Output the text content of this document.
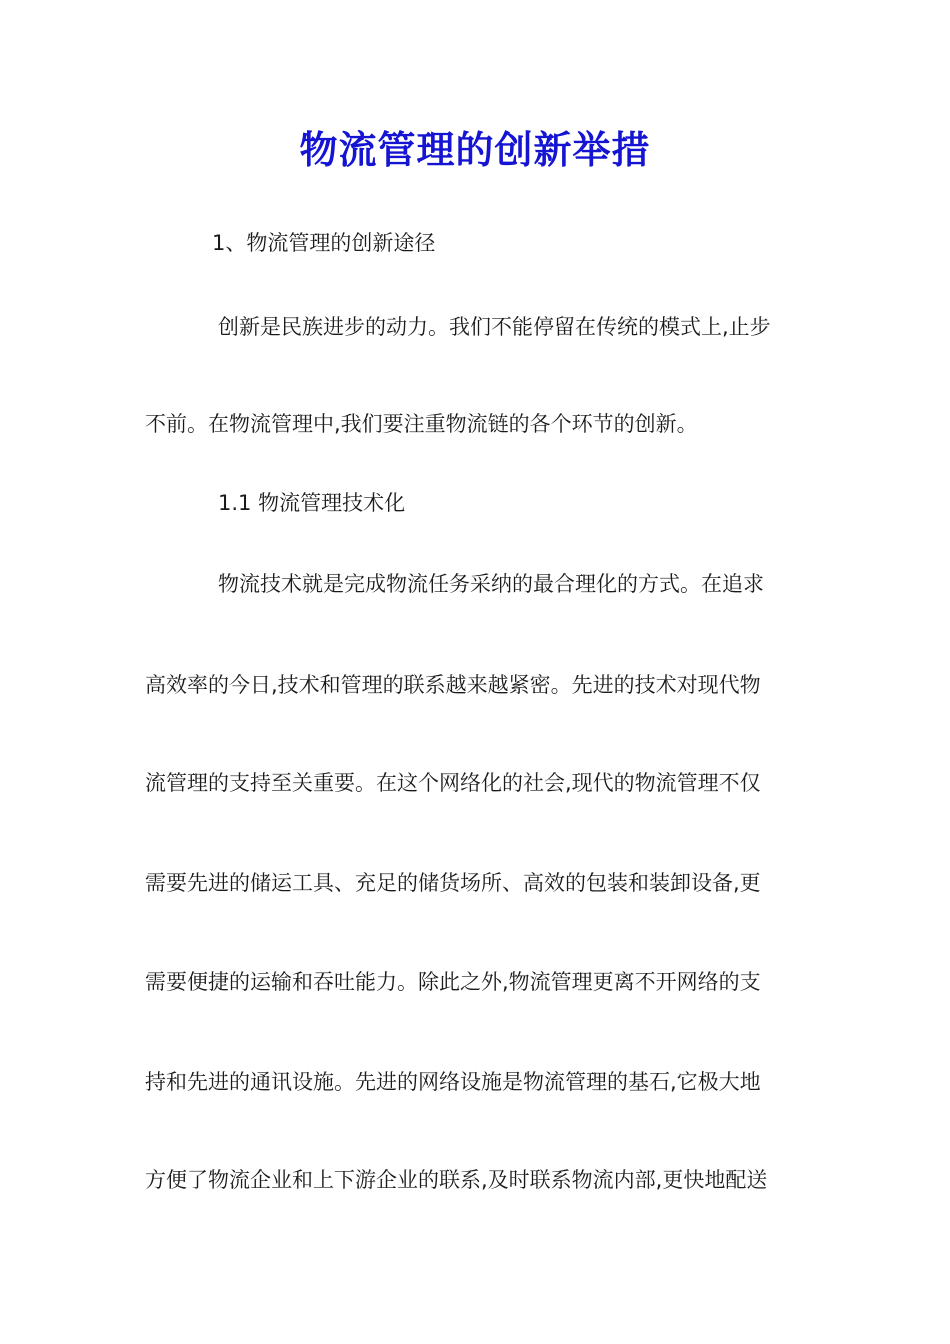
物流管理的创新举措

1、物流管理的创新途径

创新是民族进步的动力。我们不能停留在传统的模式上,止步

不前。在物流管理中,我们要注重物流链的各个环节的创新。

1.1 物流管理技术化

物流技术就是完成物流任务采纳的最合理化的方式。在追求

高效率的今日,技术和管理的联系越来越紧密。先进的技术对现代物

流管理的支持至关重要。在这个网络化的社会,现代的物流管理不仅

需要先进的储运工具、充足的储货场所、高效的包装和装卸设备,更

需要便捷的运输和吞吐能力。除此之外,物流管理更离不开网络的支

持和先进的通讯设施。先进的网络设施是物流管理的基石,它极大地

方便了物流企业和上下游企业的联系,及时联系物流内部,更快地配送
